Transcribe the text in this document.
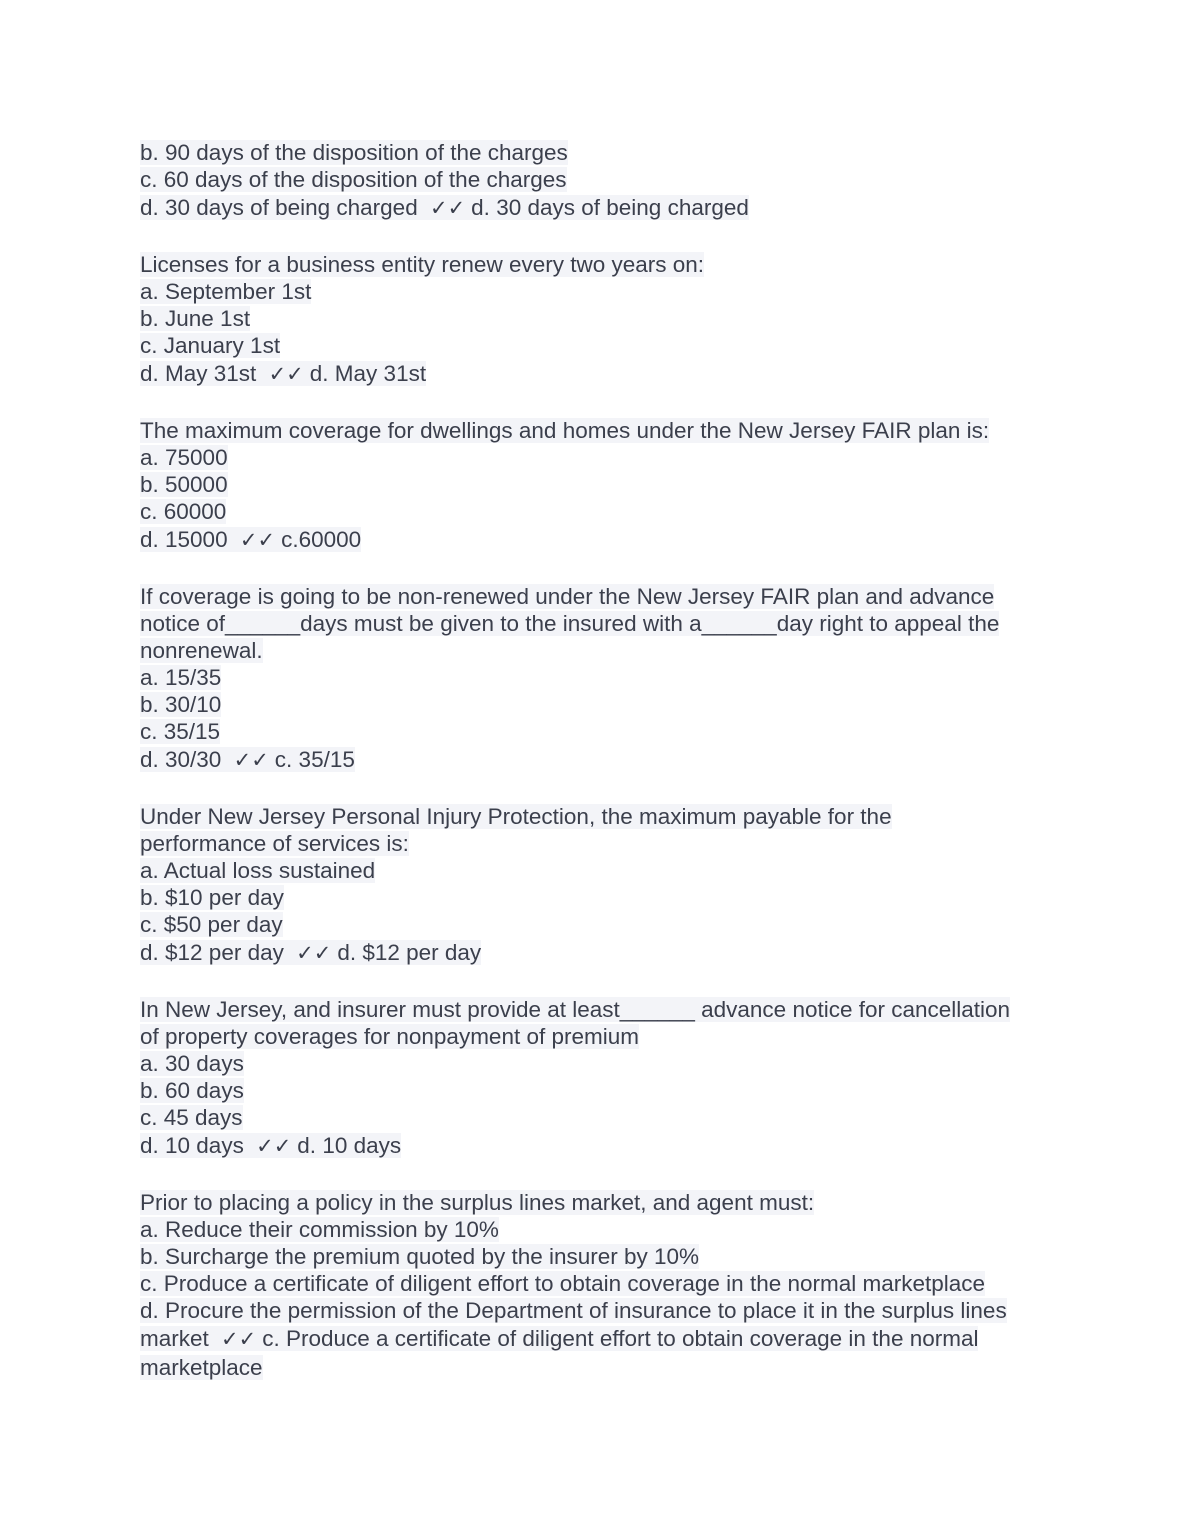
b. 90 days of the disposition of the charges
c. 60 days of the disposition of the charges
d. 30 days of being charged ✓✓ d. 30 days of being charged
Licenses for a business entity renew every two years on:
a. September 1st
b. June 1st
c. January 1st
d. May 31st ✓✓ d. May 31st
The maximum coverage for dwellings and homes under the New Jersey FAIR plan is:
a. 75000
b. 50000
c. 60000
d. 15000 ✓✓ c.60000
If coverage is going to be non-renewed under the New Jersey FAIR plan and advance
notice of______days must be given to the insured with a______day right to appeal the
nonrenewal.
a. 15/35
b. 30/10
c. 35/15
d. 30/30 ✓✓ c. 35/15
Under New Jersey Personal Injury Protection, the maximum payable for the
performance of services is:
a. Actual loss sustained
b. $10 per day
c. $50 per day
d. $12 per day ✓✓ d. $12 per day
In New Jersey, and insurer must provide at least______ advance notice for cancellation
of property coverages for nonpayment of premium
a. 30 days
b. 60 days
c. 45 days
d. 10 days ✓✓ d. 10 days
Prior to placing a policy in the surplus lines market, and agent must:
a. Reduce their commission by 10%
b. Surcharge the premium quoted by the insurer by 10%
c. Produce a certificate of diligent effort to obtain coverage in the normal marketplace
d. Procure the permission of the Department of insurance to place it in the surplus lines
market ✓✓ c. Produce a certificate of diligent effort to obtain coverage in the normal
marketplace
